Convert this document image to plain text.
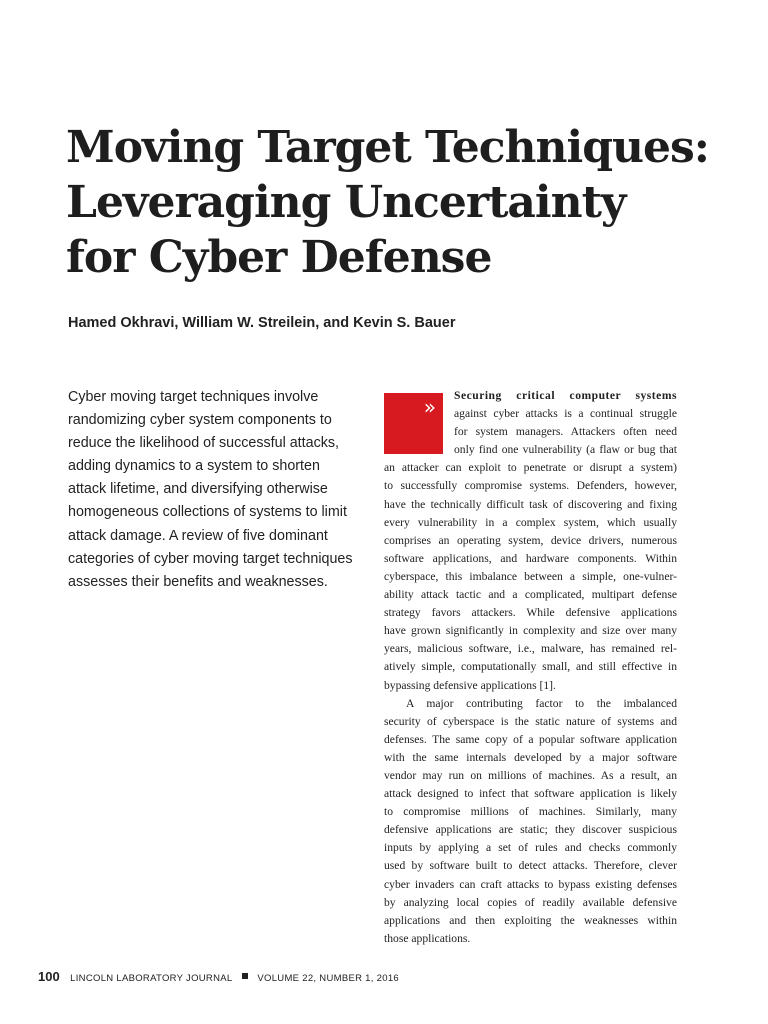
Moving Target Techniques:
Leveraging Uncertainty
for Cyber Defense
Hamed Okhravi, William W. Streilein, and Kevin S. Bauer
Cyber moving target techniques involve
randomizing cyber system components to
reduce the likelihood of successful attacks,
adding dynamics to a system to shorten
attack lifetime, and diversifying otherwise
homogeneous collections of systems to limit
attack damage. A review of five dominant
categories of cyber moving target techniques
assesses their benefits and weaknesses.
» Securing critical computer systems
against cyber attacks is a continual struggle
for system managers. Attackers often need
only find one vulnerability (a flaw or bug that
an attacker can exploit to penetrate or disrupt a system)
to successfully compromise systems. Defenders, however,
have the technically difficult task of discovering and fixing
every vulnerability in a complex system, which usually
comprises an operating system, device drivers, numerous
software applications, and hardware components. Within
cyberspace, this imbalance between a simple, one-vulner-
ability attack tactic and a complicated, multipart defense
strategy favors attackers. While defensive applications
have grown significantly in complexity and size over many
years, malicious software, i.e., malware, has remained rel-
atively simple, computationally small, and still effective in
bypassing defensive applications [1].
A major contributing factor to the imbalanced
security of cyberspace is the static nature of systems and
defenses. The same copy of a popular software application
with the same internals developed by a major software
vendor may run on millions of machines. As a result, an
attack designed to infect that software application is likely
to compromise millions of machines. Similarly, many
defensive applications are static; they discover suspicious
inputs by applying a set of rules and checks commonly
used by software built to detect attacks. Therefore, clever
cyber invaders can craft attacks to bypass existing defenses
by analyzing local copies of readily available defensive
applications and then exploiting the weaknesses within
those applications.
100 LINCOLN LABORATORY JOURNAL	VOLUME 22, NUMBER 1, 2016
